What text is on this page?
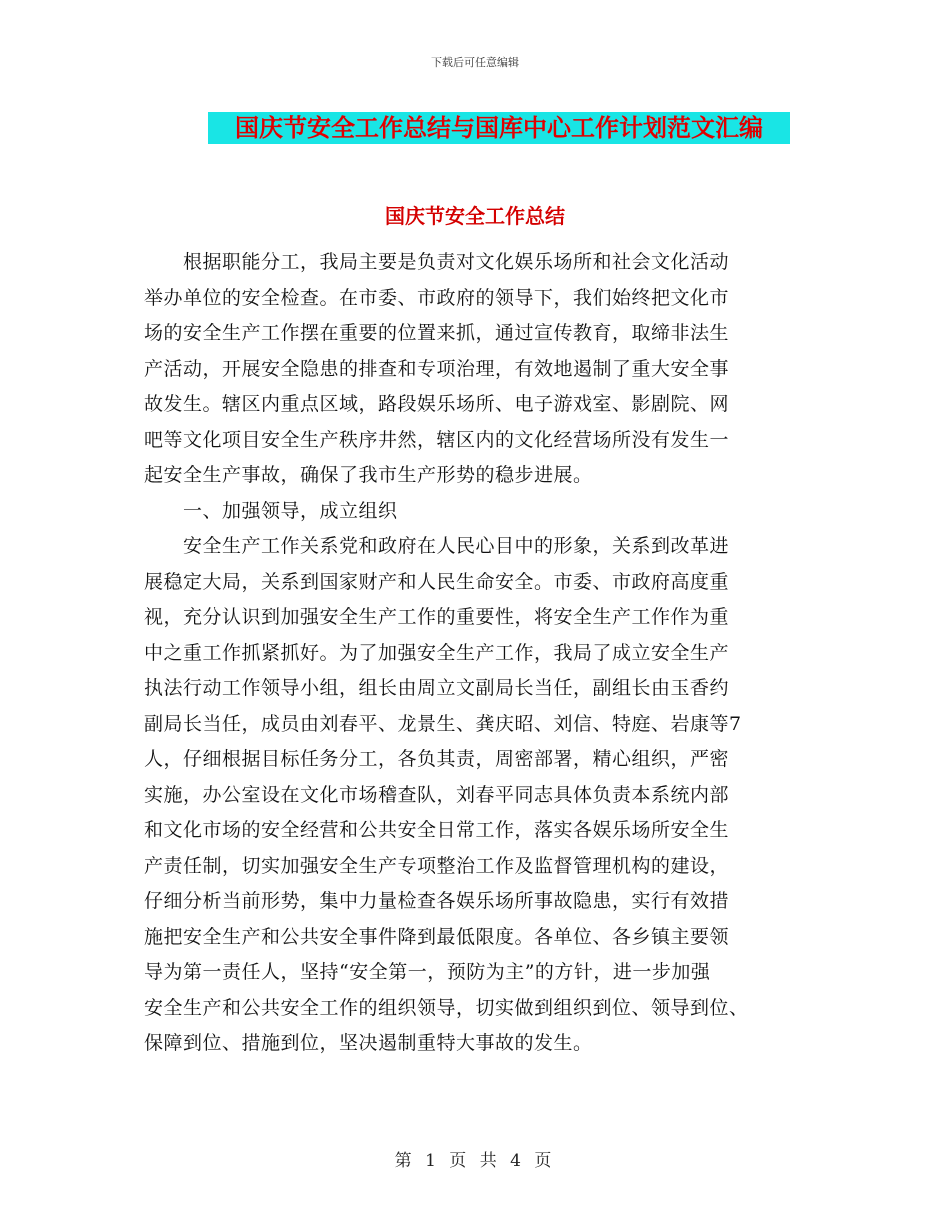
下载后可任意编辑
国庆节安全工作总结与国库中心工作计划范文汇编
国庆节安全工作总结
　　根据职能分工，我局主要是负责对文化娱乐场所和社会文化活动
举办单位的安全检查。在市委、市政府的领导下，我们始终把文化市
场的安全生产工作摆在重要的位置来抓，通过宣传教育，取缔非法生
产活动，开展安全隐患的排查和专项治理，有效地遏制了重大安全事
故发生。辖区内重点区域，路段娱乐场所、电子游戏室、影剧院、网
吧等文化项目安全生产秩序井然，辖区内的文化经营场所没有发生一
起安全生产事故，确保了我市生产形势的稳步进展。
　　一、加强领导，成立组织
　　安全生产工作关系党和政府在人民心目中的形象，关系到改革进
展稳定大局，关系到国家财产和人民生命安全。市委、市政府高度重
视，充分认识到加强安全生产工作的重要性，将安全生产工作作为重
中之重工作抓紧抓好。为了加强安全生产工作，我局了成立安全生产
执法行动工作领导小组，组长由周立文副局长当任，副组长由玉香约
副局长当任，成员由刘春平、龙景生、龚庆昭、刘信、特庭、岩康等7
人，仔细根据目标任务分工，各负其责，周密部署，精心组织，严密
实施，办公室设在文化市场稽查队，刘春平同志具体负责本系统内部
和文化市场的安全经营和公共安全日常工作，落实各娱乐场所安全生
产责任制，切实加强安全生产专项整治工作及监督管理机构的建设，
仔细分析当前形势，集中力量检查各娱乐场所事故隐患，实行有效措
施把安全生产和公共安全事件降到最低限度。各单位、各乡镇主要领
导为第一责任人，坚持“安全第一，预防为主”的方针，进一步加强
安全生产和公共安全工作的组织领导，切实做到组织到位、领导到位、
保障到位、措施到位，坚决遏制重特大事故的发生。
第 1 页 共 4 页
